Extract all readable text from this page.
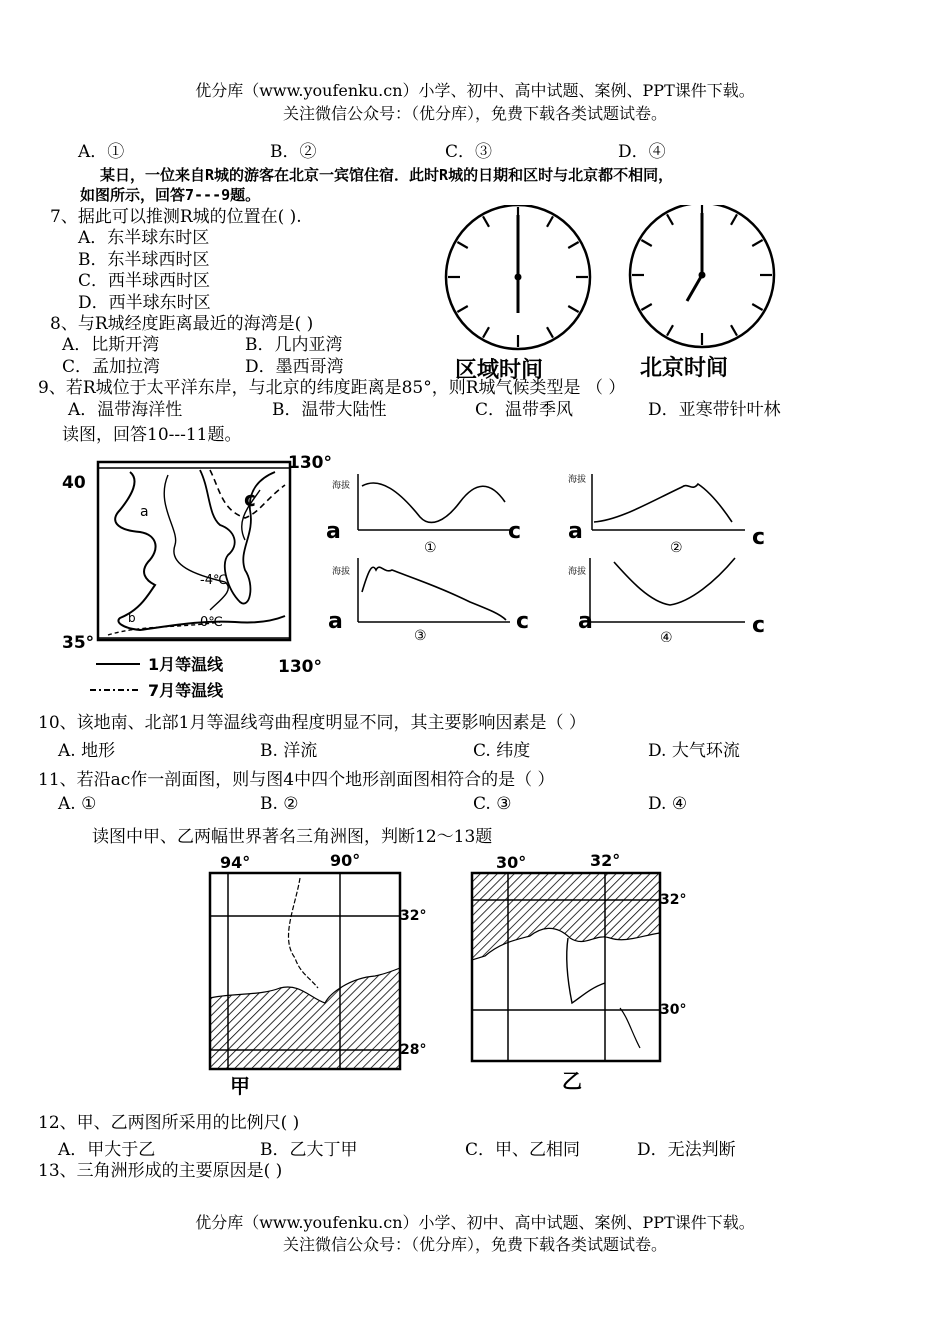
优分库（www.youfenku.cn）小学、初中、高中试题、案例、PPT课件下载。
关注微信公众号：（优分库），免费下载各类试题试卷。
A．①	B．②	C．③	D．④
某日，一位来自R城的游客在北京一宾馆住宿．此时R城的日期和区时与北京都不相同，
如图所示，回答7---9题。
7、据此可以推测R城的位置在( ).
A．东半球东时区
B．东半球西时区
C．西半球西时区
D．西半球东时区
8、与R城经度距离最近的海湾是( )
A．比斯开湾	B．几内亚湾
C．孟加拉湾	D．墨西哥湾	区域时间	北京时间
9、若R城位于太平洋东岸，与北京的纬度距离是85°，则R城气候类型是 （ ）
A．温带海洋性	B．温带大陆性	C．温带季风	D．亚寒带针叶林
读图，回答10---11题。
-4℃
0℃
a
b
c
40
35°
130°
130°
1月等温线
7月等温线
海拔
a	c
①
海拔
a	c
②
海拔
a	c
③
海拔
a	c
④
10、该地南、北部1月等温线弯曲程度明显不同，其主要影响因素是（ ）
A. 地形	B. 洋流	C. 纬度	D. 大气环流
11、若沿ac作一剖面图，则与图4中四个地形剖面图相符合的是（ ）
A. ①	B. ②	C. ③	D. ④
读图中甲、乙两幅世界著名三角洲图，判断12～13题
94°	90°
32°
28°
甲
30°	32°
32°
30°
乙
12、甲、乙两图所采用的比例尺( )
A．甲大于乙	B．乙大丁甲	C．甲、乙相同	D．无法判断
13、三角洲形成的主要原因是( )
优分库（www.youfenku.cn）小学、初中、高中试题、案例、PPT课件下载。
关注微信公众号：（优分库），免费下载各类试题试卷。
